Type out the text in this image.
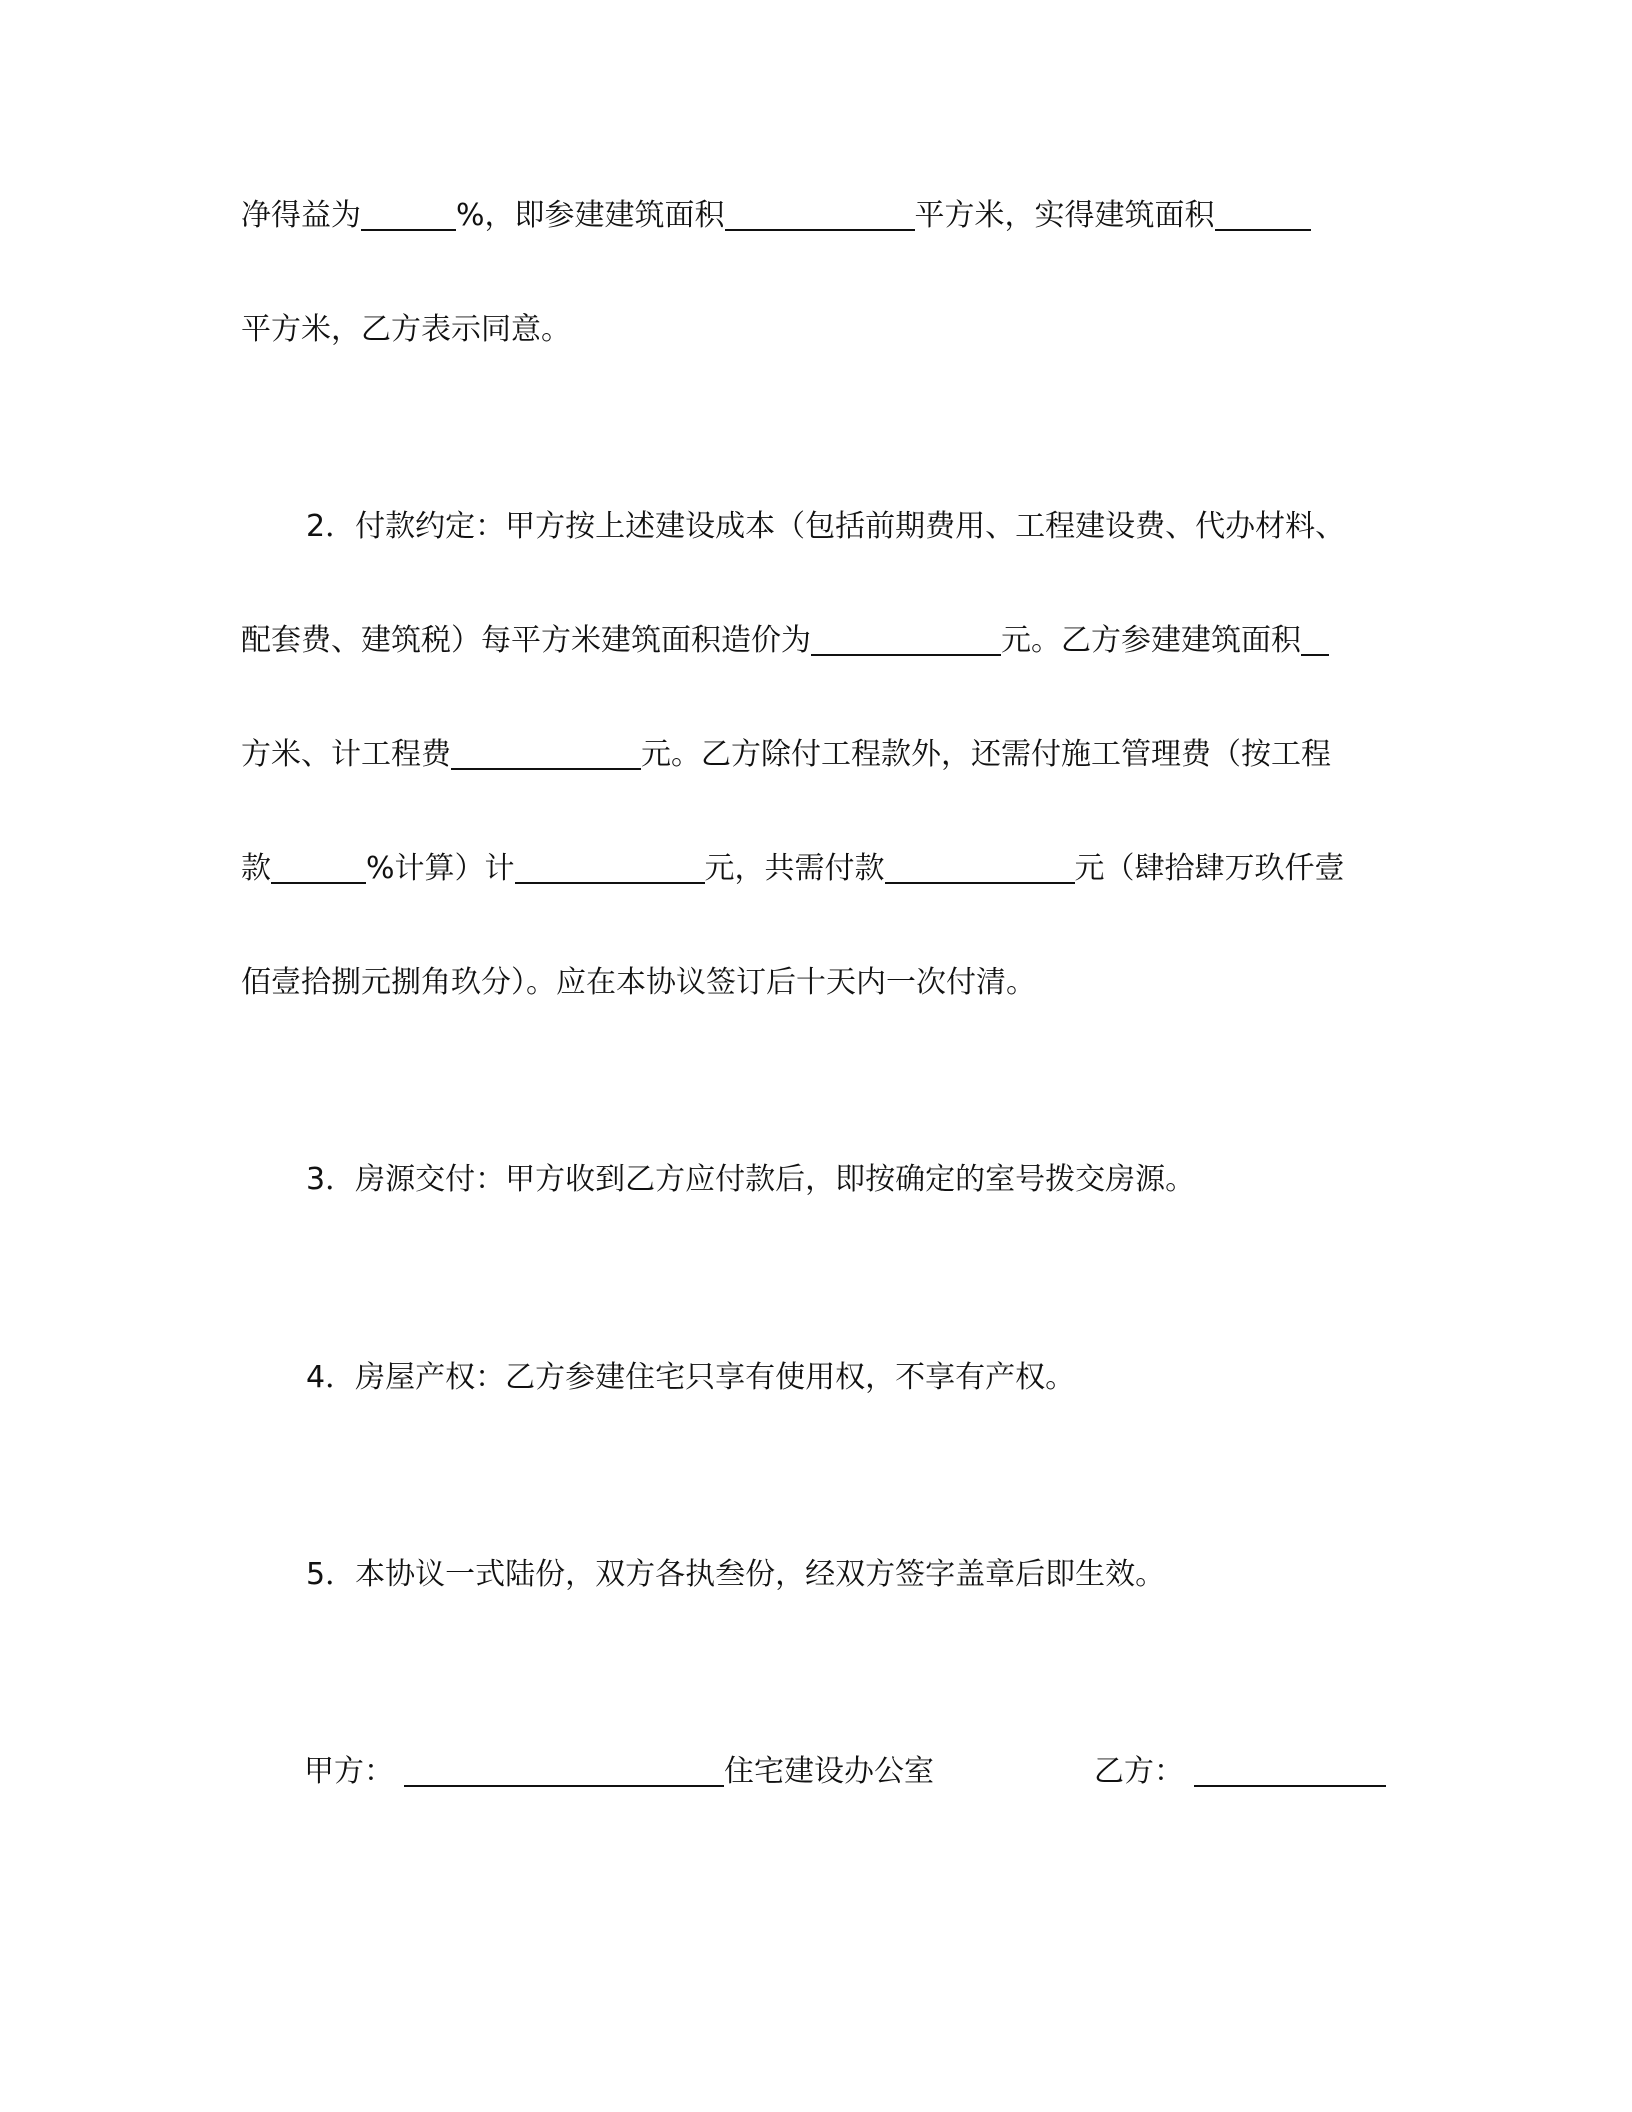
净得益为	%，即参建建筑面积	平方米，实得建筑面积
平方米，乙方表示同意。
2．付款约定：甲方按上述建设成本（包括前期费用、工程建设费、代办材料、
配套费、建筑税）每平方米建筑面积造价为	元。乙方参建建筑面积
方米、计工程费	元。乙方除付工程款外，还需付施工管理费（按工程
款	%计算）计	元，共需付款	元（肆拾肆万玖仟壹
佰壹拾捌元捌角玖分）。应在本协议签订后十天内一次付清。
3．房源交付：甲方收到乙方应付款后，即按确定的室号拨交房源。
4．房屋产权：乙方参建住宅只享有使用权，不享有产权。
5．本协议一式陆份，双方各执叁份，经双方签字盖章后即生效。
甲方：	住宅建设办公室	乙方：
